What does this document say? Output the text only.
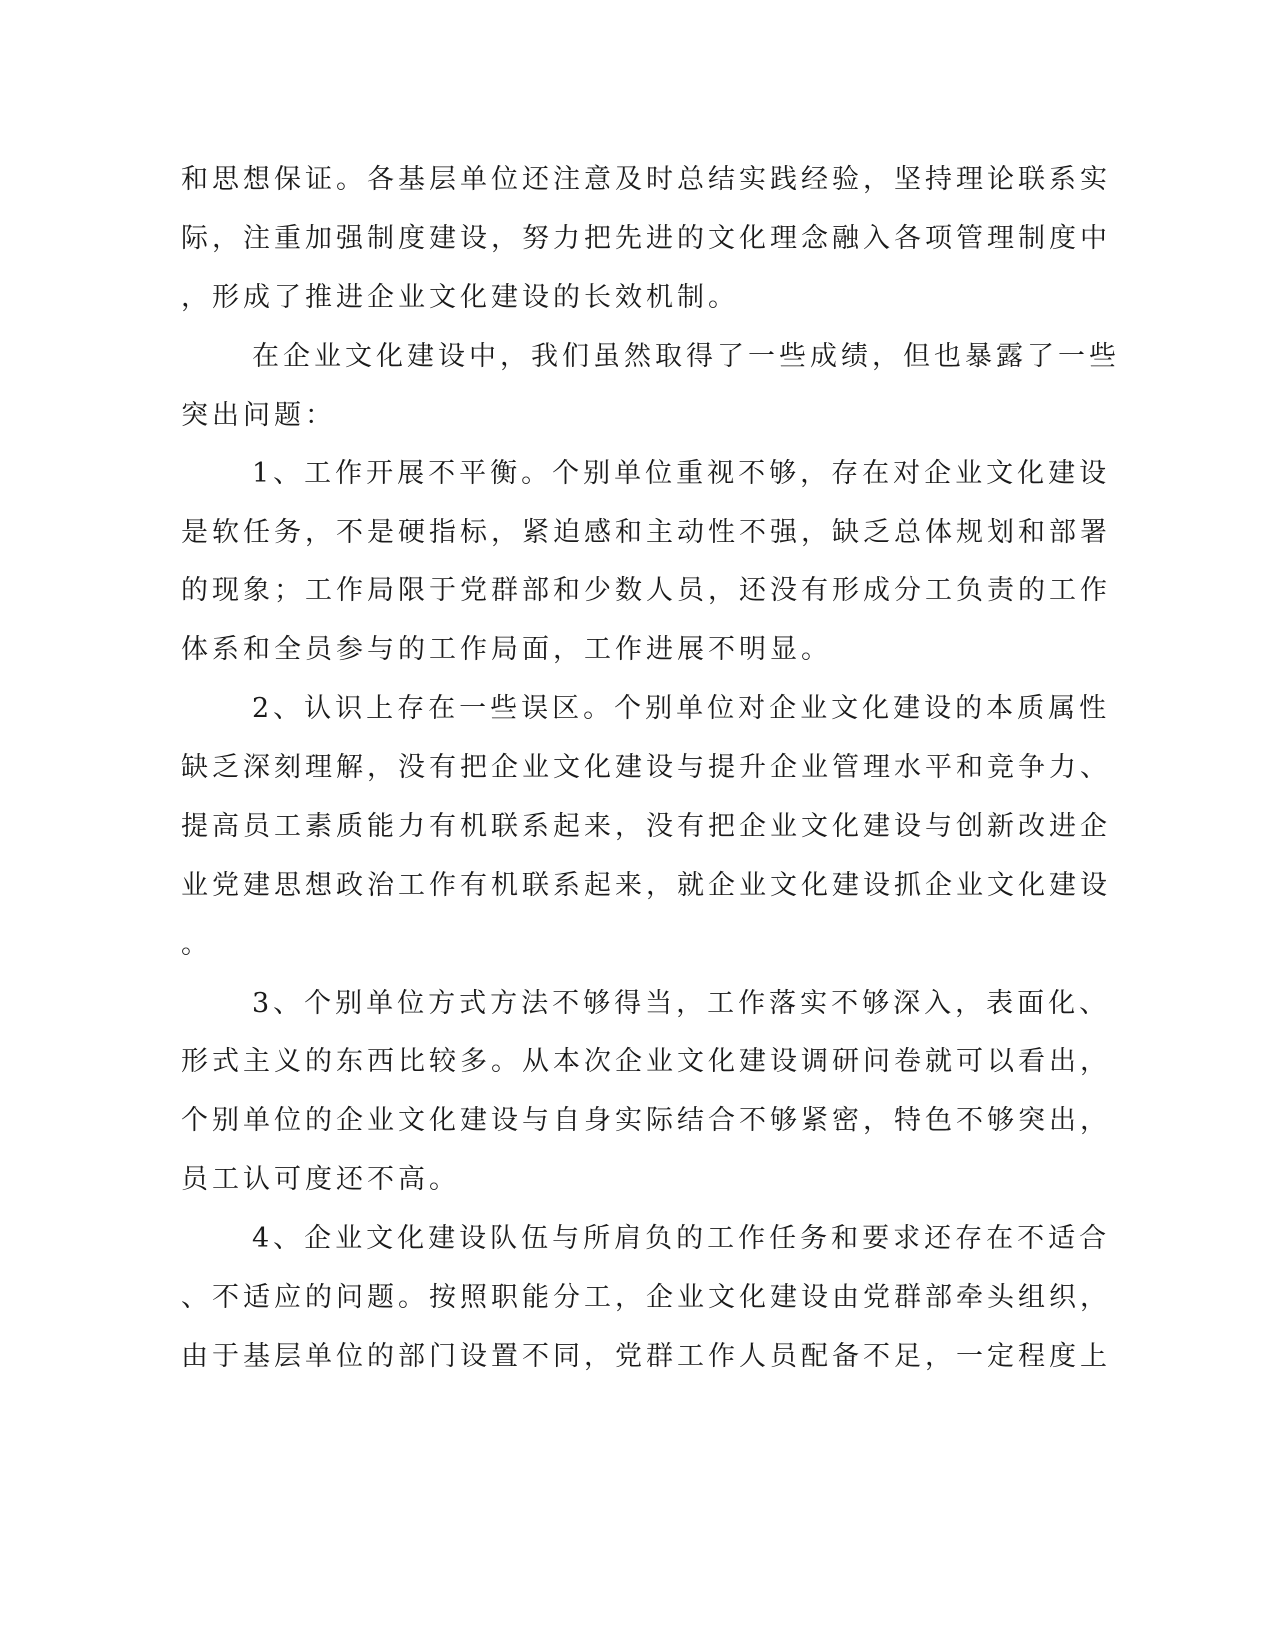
和思想保证。各基层单位还注意及时总结实践经验，坚持理论联系实
际，注重加强制度建设，努力把先进的文化理念融入各项管理制度中
，形成了推进企业文化建设的长效机制。
在企业文化建设中，我们虽然取得了一些成绩，但也暴露了一些
突出问题：
1、工作开展不平衡。个别单位重视不够，存在对企业文化建设
是软任务，不是硬指标，紧迫感和主动性不强，缺乏总体规划和部署
的现象；工作局限于党群部和少数人员，还没有形成分工负责的工作
体系和全员参与的工作局面，工作进展不明显。
2、认识上存在一些误区。个别单位对企业文化建设的本质属性
缺乏深刻理解，没有把企业文化建设与提升企业管理水平和竞争力、
提高员工素质能力有机联系起来，没有把企业文化建设与创新改进企
业党建思想政治工作有机联系起来，就企业文化建设抓企业文化建设
。
3、个别单位方式方法不够得当，工作落实不够深入，表面化、
形式主义的东西比较多。从本次企业文化建设调研问卷就可以看出，
个别单位的企业文化建设与自身实际结合不够紧密，特色不够突出，
员工认可度还不高。
4、企业文化建设队伍与所肩负的工作任务和要求还存在不适合
、不适应的问题。按照职能分工，企业文化建设由党群部牵头组织，
由于基层单位的部门设置不同，党群工作人员配备不足，一定程度上
